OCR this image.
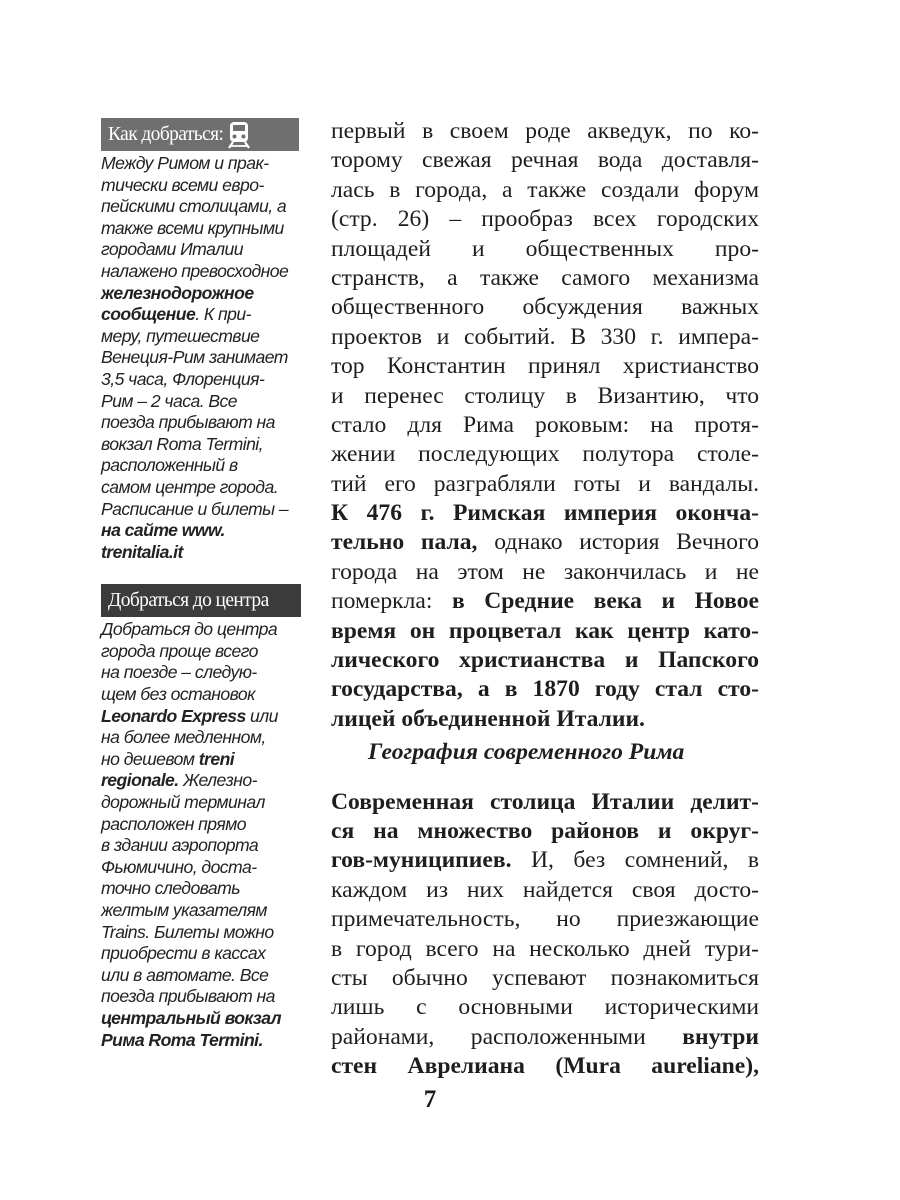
Как добраться:
Между Римом и прак-
тически всеми евро-
пейскими столицами, а
также всеми крупными
городами Италии
налажено превосходное
железнодорожное
сообщение. К при-
меру, путешествие
Венеция-Рим занимает
3,5 часа, Флоренция-
Рим – 2 часа. Все
поезда прибывают на
вокзал Roma Termini,
расположенный в
самом центре города.
Расписание и билеты –
на сайте www.
trenitalia.it
Добраться до центра
Добраться до центра
города проще всего
на поезде – следую-
щем без остановок
Leonardo Express или
на более медленном,
но дешевом treni
regionale. Железно-
дорожный терминал
расположен прямо
в здании аэропорта
Фьюмичино, доста-
точно следовать
желтым указателям
Trains. Билеты можно
приобрести в кассах
или в автомате. Все
поезда прибывают на
центральный вокзал
Рима Roma Termini.
первый в своем роде акведук, по ко-
торому свежая речная вода доставля-
лась в города, а также создали форум
(стр. 26) – прообраз всех городских
площадей и общественных про-
странств, а также самого механизма
общественного обсуждения важных
проектов и событий. В 330 г. импера-
тор Константин принял христианство
и перенес столицу в Византию, что
стало для Рима роковым: на протя-
жении последующих полутора столе-
тий его разграбляли готы и вандалы.
К 476 г. Римская империя оконча-
тельно пала, однако история Вечного
города на этом не закончилась и не
померкла: в Средние века и Новое
время он процветал как центр като-
лического христианства и Папского
государства, а в 1870 году стал сто-
лицей объединенной Италии.
География современного Рима
Современная столица Италии делит-
ся на множество районов и округ-
гов-муниципиев. И, без сомнений, в
каждом из них найдется своя досто-
примечательность, но приезжающие
в город всего на несколько дней тури-
сты обычно успевают познакомиться
лишь с основными историческими
районами, расположенными внутри
стен Аврелиана (Mura aureliane),
7
